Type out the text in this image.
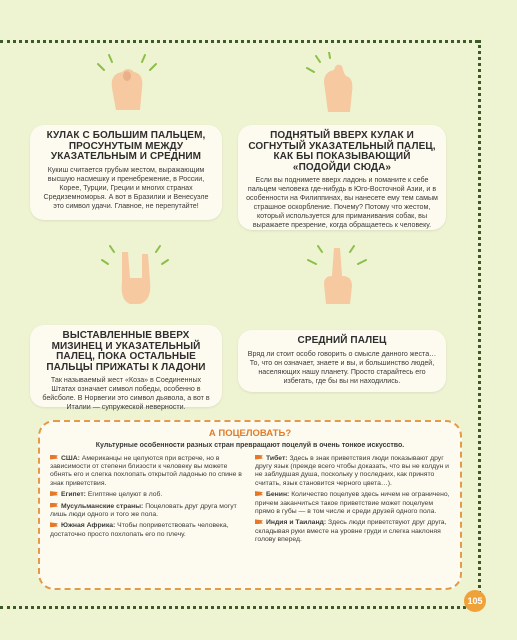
КУЛАК С БОЛЬШИМ ПАЛЬЦЕМ, ПРОСУНУТЫМ МЕЖДУ УКАЗАТЕЛЬНЫМ И СРЕДНИМ

Кукиш считается грубым жестом, выражающим высшую насмешку и пренебрежение, в России, Корее, Турции, Греции и многих странах Средиземноморья. А вот в Бразилии и Венесуэле это символ удачи. Главное, не перепутайте!

ПОДНЯТЫЙ ВВЕРХ КУЛАК И СОГНУТЫЙ УКАЗАТЕЛЬНЫЙ ПАЛЕЦ, КАК БЫ ПОКАЗЫВАЮЩИЙ «ПОДОЙДИ СЮДА»

Если вы поднимете вверх ладонь и поманите к себе пальцем человека где-нибудь в Юго-Восточной Азии, и в особенности на Филиппинах, вы нанесете ему тем самым страшное оскорбление. Почему? Потому что жестом, который используется для приманивания собак, вы выражаете презрение, когда обращаетесь к человеку.

ВЫСТАВЛЕННЫЕ ВВЕРХ МИЗИНЕЦ И УКАЗАТЕЛЬНЫЙ ПАЛЕЦ, ПОКА ОСТАЛЬНЫЕ ПАЛЬЦЫ ПРИЖАТЫ К ЛАДОНИ

Так называемый жест «Коза» в Соединенных Штатах означает символ победы, особенно в бейсболе. В Норвегии это символ дьявола, а вот в Италии — супружеской неверности.

СРЕДНИЙ ПАЛЕЦ

Вряд ли стоит особо говорить о смысле данного жеста… То, что он означает, знаете и вы, и большинство людей, населяющих нашу планету. Просто старайтесь его избегать, где бы вы ни находились.

А ПОЦЕЛОВАТЬ?
Культурные особенности разных стран превращают поцелуй в очень тонкое искусство.
США: Американцы не целуются при встрече, но в зависимости от степени близости к человеку вы можете обнять его и слегка похлопать открытой ладонью по спине в знак приветствия.
Египет: Египтяне целуют в лоб.
Мусульманские страны: Поцеловать друг друга могут лишь люди одного и того же пола.
Южная Африка: Чтобы поприветствовать человека, достаточно просто похлопать его по плечу.
Тибет: Здесь в знак приветствия люди показывают друг другу язык (прежде всего чтобы доказать, что вы не колдун и не заблудшая душа, поскольку у последних, как принято считать, язык становится черного цвета…).
Бенин: Количество поцелуев здесь ничем не ограничено, причем заканчиться такое приветствие может поцелуем прямо в губы — в том числе и среди друзей одного пола.
Индия и Таиланд: Здесь люди приветствуют друг друга, складывая руки вместе на уровне груди и слегка наклоняя голову вперед.
105
